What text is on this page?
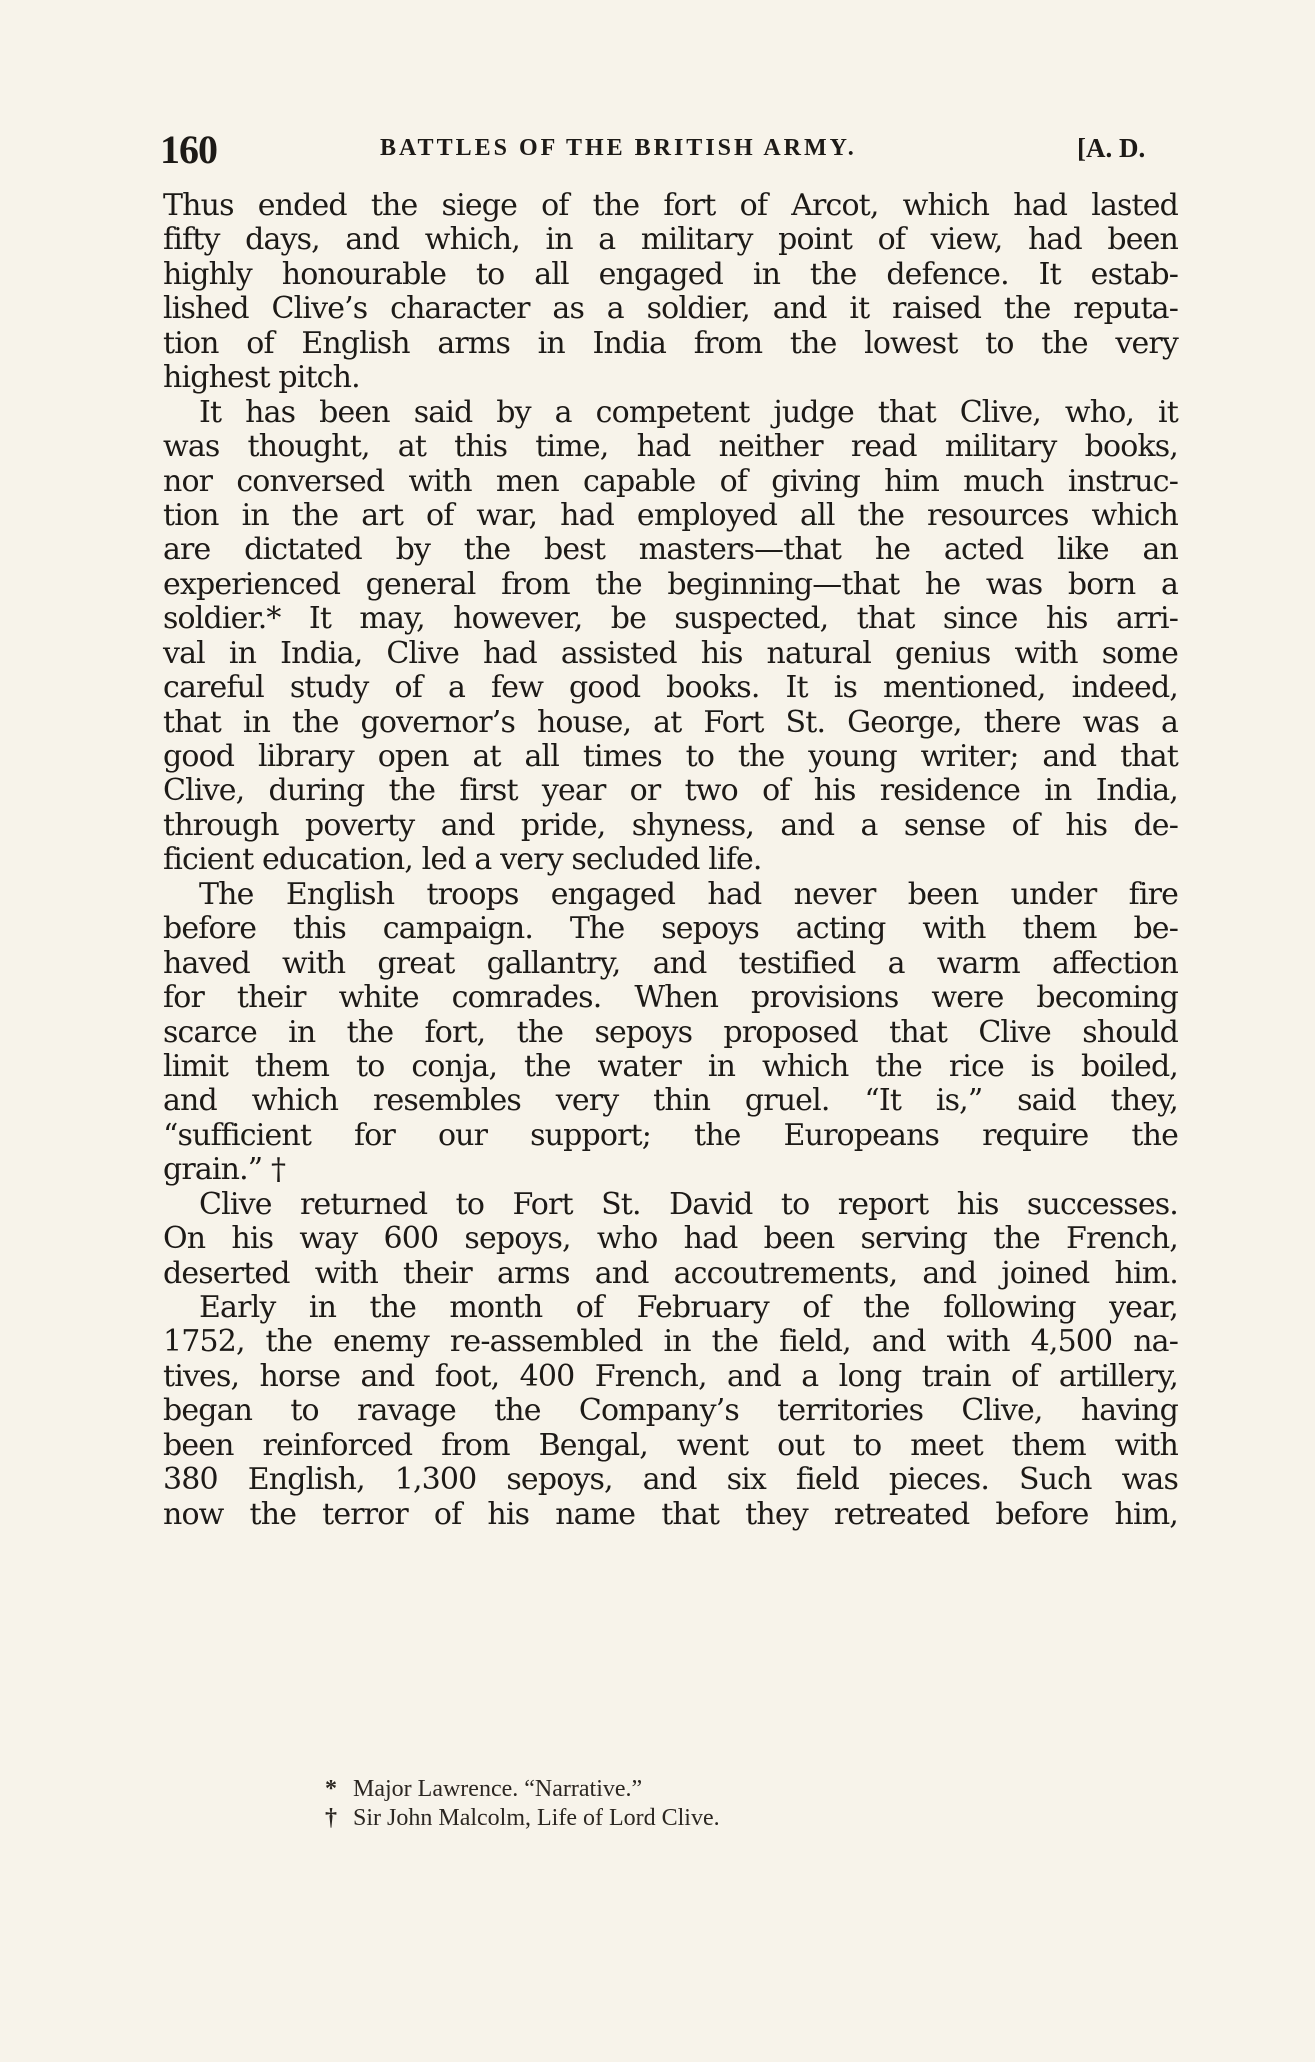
160	BATTLES OF THE BRITISH ARMY.	[A. D.
Thus ended the siege of the fort of Arcot, which had lasted
fifty days, and which, in a military point of view, had been
highly honourable to all engaged in the defence. It estab-
lished Clive’s character as a soldier, and it raised the reputa-
tion of English arms in India from the lowest to the very
highest pitch.
It has been said by a competent judge that Clive, who, it
was thought, at this time, had neither read military books,
nor conversed with men capable of giving him much instruc-
tion in the art of war, had employed all the resources which
are dictated by the best masters—that he acted like an
experienced general from the beginning—that he was born a
soldier.* It may, however, be suspected, that since his arri-
val in India, Clive had assisted his natural genius with some
careful study of a few good books. It is mentioned, indeed,
that in the governor’s house, at Fort St. George, there was a
good library open at all times to the young writer; and that
Clive, during the first year or two of his residence in India,
through poverty and pride, shyness, and a sense of his de-
ficient education, led a very secluded life.
The English troops engaged had never been under fire
before this campaign. The sepoys acting with them be-
haved with great gallantry, and testified a warm affection
for their white comrades. When provisions were becoming
scarce in the fort, the sepoys proposed that Clive should
limit them to conja, the water in which the rice is boiled,
and which resembles very thin gruel. “It is,” said they,
“sufficient for our support; the Europeans require the
grain.” †
Clive returned to Fort St. David to report his successes.
On his way 600 sepoys, who had been serving the French,
deserted with their arms and accoutrements, and joined him.
Early in the month of February of the following year,
1752, the enemy re-assembled in the field, and with 4,500 na-
tives, horse and foot, 400 French, and a long train of artillery,
began to ravage the Company’s territories Clive, having
been reinforced from Bengal, went out to meet them with
380 English, 1,300 sepoys, and six field pieces. Such was
now the terror of his name that they retreated before him,
* Major Lawrence. “Narrative.”
† Sir John Malcolm, Life of Lord Clive.
